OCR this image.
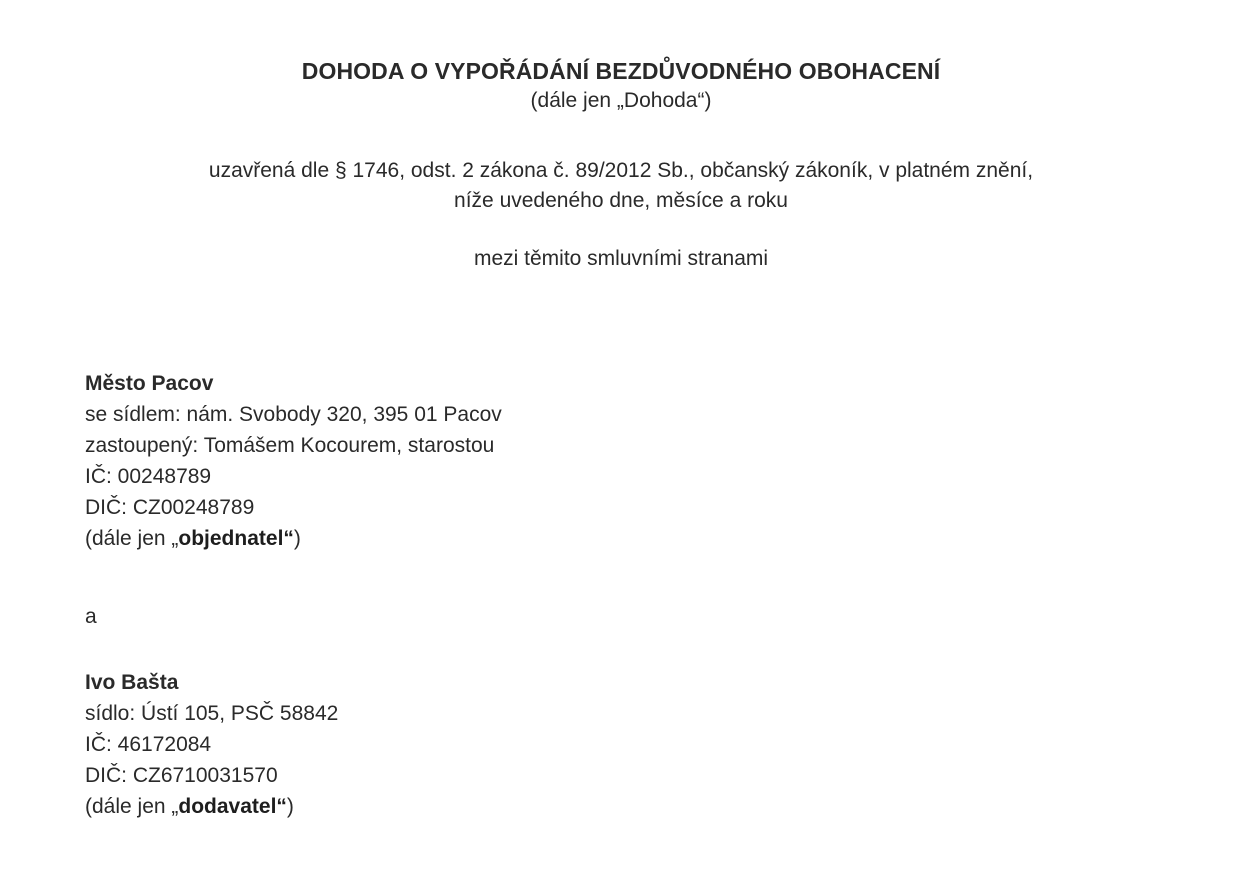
DOHODA O VYPOŘÁDÁNÍ BEZDŮVODNÉHO OBOHACENÍ
(dále jen „Dohoda“)
uzavřená dle § 1746, odst. 2 zákona č. 89/2012 Sb., občanský zákoník, v platném znění,
níže uvedeného dne, měsíce a roku
mezi těmito smluvními stranami
Město Pacov
se sídlem: nám. Svobody 320, 395 01 Pacov
zastoupený: Tomášem Kocourem, starostou
IČ: 00248789
DIČ: CZ00248789
(dále jen „objednatel“)
a
Ivo Bašta
sídlo: Ústí 105, PSČ 58842
IČ: 46172084
DIČ: CZ6710031570
(dále jen „dodavatel“)
